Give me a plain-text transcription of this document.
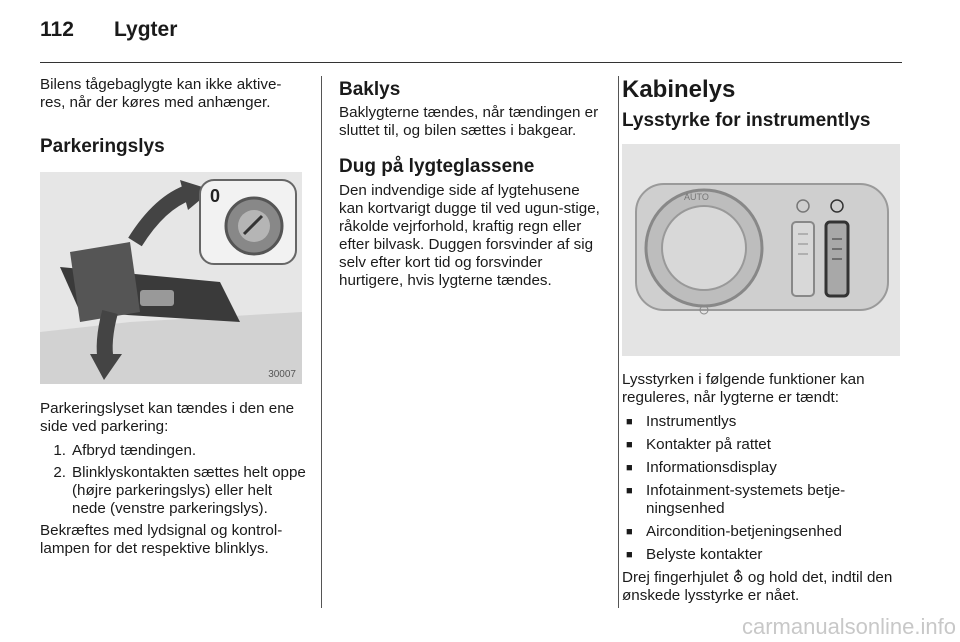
112	Lygter

Bilens tågebaglygte kan ikke aktive-res, når der køres med anhænger.

Parkeringslys
0
30007

Parkeringslyset kan tændes i den ene side ved parkering:

1. Afbryd tændingen.
2. Blinklyskontakten sættes helt oppe (højre parkeringslys) eller helt nede (venstre parkeringslys).

Bekræftes med lydsignal og kontrol-lampen for det respektive blinklys.

Baklys

Baklygterne tændes, når tændingen er sluttet til, og bilen sættes i bakgear.

Dug på lygteglassene

Den indvendige side af lygtehusene kan kortvarigt dugge til ved ugun-stige, råkolde vejrforhold, kraftig regn eller efter bilvask. Duggen forsvinder af sig selv efter kort tid og forsvinder hurtigere, hvis lygterne tændes.

Kabinelys
Lysstyrke for instrumentlys
AUTO

Lysstyrken i følgende funktioner kan reguleres, når lygterne er tændt:

■ Instrumentlys
■ Kontakter på rattet
■ Informationsdisplay
■ Infotainment-systemets betje-ningsenhed
■ Aircondition-betjeningsenhed
■ Belyste kontakter

Drej fingerhjulet ⛢ og hold det, indtil den ønskede lysstyrke er nået.

carmanualsonline.info
